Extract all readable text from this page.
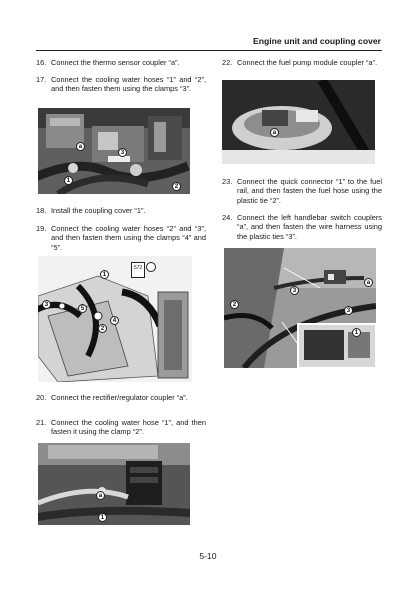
Engine unit and coupling cover
16. Connect the thermo sensor coupler “a”.
17. Connect the cooling water hoses “1” and “2”, and then fasten them using the clamps “3”.
a
3
1
2
18. Install the coupling cover “1”.
19. Connect the cooling water hoses “2” and “3”, and then fasten them using the clamps “4” and “5”.
572
1
3
5
4
2
20. Connect the rectifier/regulator coupler “a”.
21. Connect the cooling water hose “1”, and then fasten it using the clamp “2”.
a
1
22. Connect the fuel pump module coupler “a”.
a
23. Connect the quick connector “1” to the fuel rail, and then fasten the fuel hose using the plastic tie “2”.
24. Connect the left handlebar switch couplers “a”, and then fasten the wire harness using the plastic ties “3”.
3
a
2
3
1
5-10
